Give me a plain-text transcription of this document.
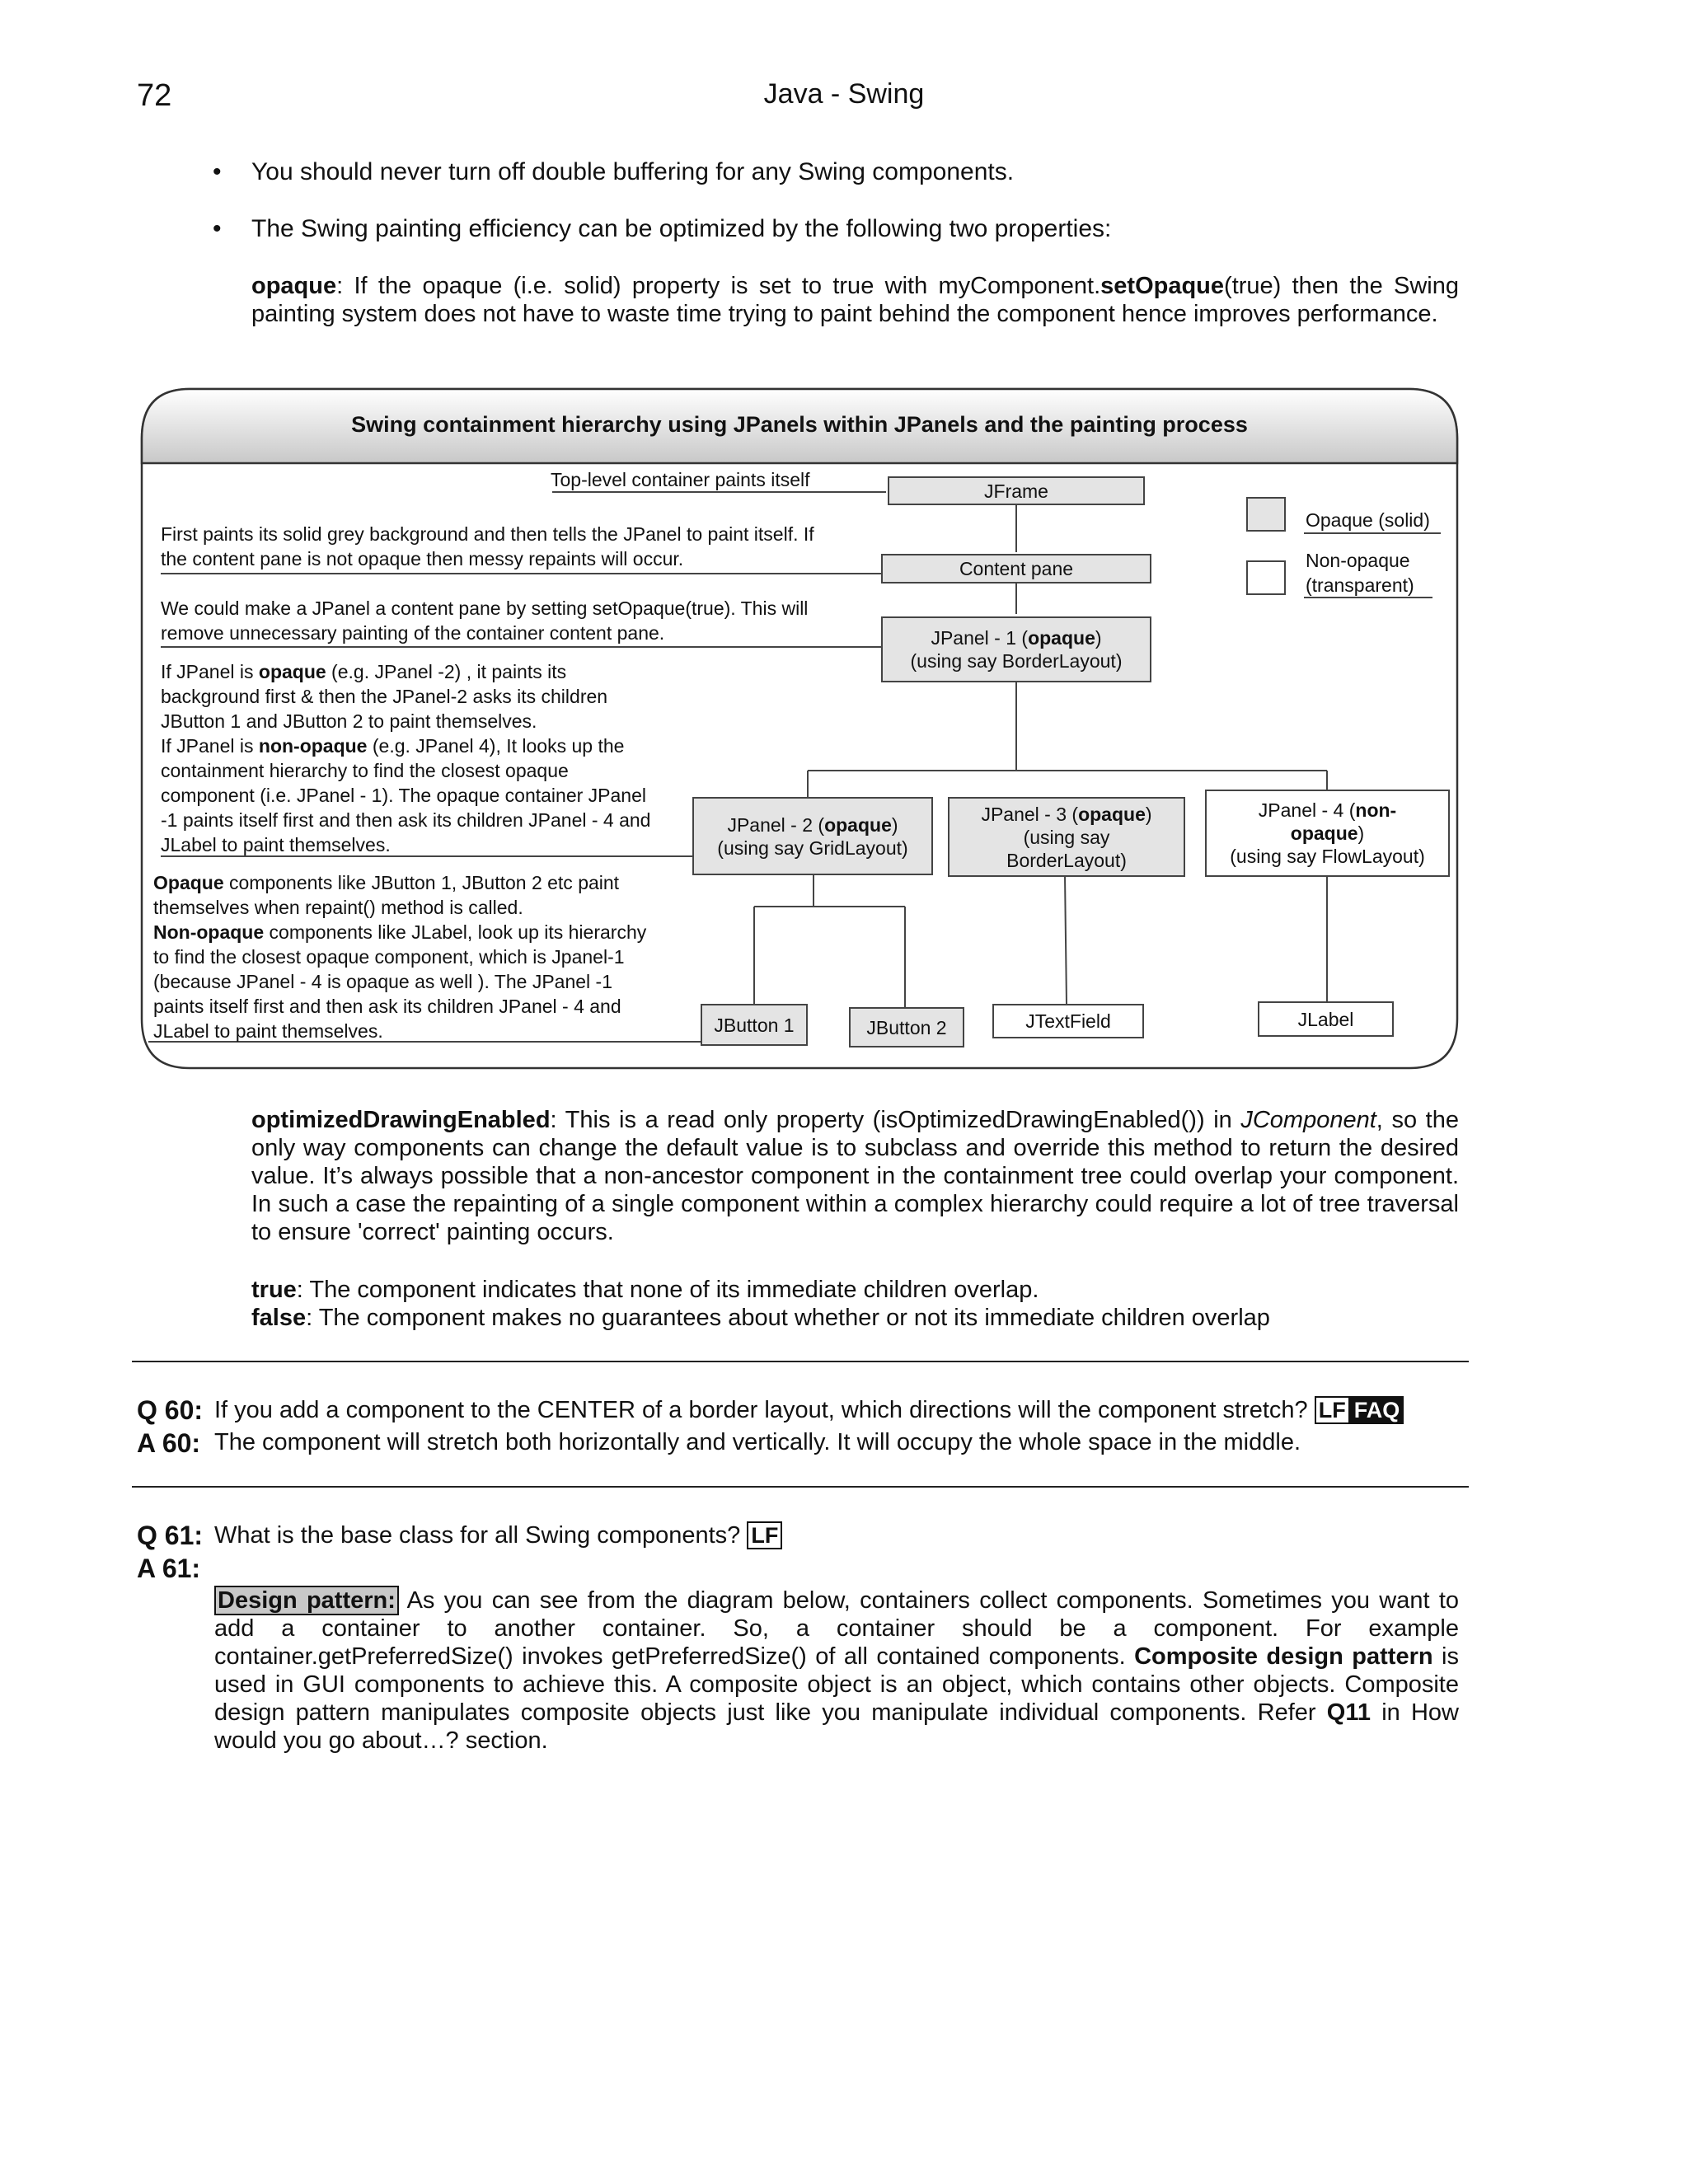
72	Java - Swing
• You should never turn off double buffering for any Swing components.
• The Swing painting efficiency can be optimized by the following two properties:
opaque: If the opaque (i.e. solid) property is set to true with myComponent.setOpaque(true) then the Swing painting system does not have to waste time trying to paint behind the component hence improves performance.
Swing containment hierarchy using JPanels within JPanels and the painting process
Top-level container paints itself
First paints its solid grey background and then tells the JPanel to paint itself. If
the content pane is not opaque then messy repaints will occur.
We could make a JPanel a content pane by setting setOpaque(true). This will
remove unnecessary painting of the container content pane.
If JPanel is opaque (e.g. JPanel -2) , it paints its
background first & then the JPanel-2 asks its children
JButton 1 and JButton 2 to paint themselves.
If JPanel is non-opaque (e.g. JPanel 4), It looks up the
containment hierarchy to find the closest opaque
component (i.e. JPanel - 1). The opaque container JPanel
-1 paints itself first and then ask its children JPanel - 4 and
JLabel to paint themselves.
Opaque components like JButton 1, JButton 2 etc paint
themselves when repaint() method is called.
Non-opaque components like JLabel, look up its hierarchy
to find the closest opaque component, which is Jpanel-1
(because JPanel - 4 is opaque as well ). The JPanel -1
paints itself first and then ask its children JPanel - 4 and
JLabel to paint themselves.
JFrame
Content pane
JPanel - 1 (opaque)
(using say BorderLayout)
JPanel - 2 (opaque)
(using say GridLayout)
JPanel - 3 (opaque)
(using say
BorderLayout)
JPanel - 4 (non-
opaque)
(using say FlowLayout)
JButton 1	JButton 2	JTextField	JLabel
Opaque (solid)
Non-opaque
(transparent)
optimizedDrawingEnabled: This is a read only property (isOptimizedDrawingEnabled()) in JComponent, so the only way components can change the default value is to subclass and override this method to return the desired value. It’s always possible that a non-ancestor component in the containment tree could overlap your component. In such a case the repainting of a single component within a complex hierarchy could require a lot of tree traversal to ensure 'correct' painting occurs.
true: The component indicates that none of its immediate children overlap.
false: The component makes no guarantees about whether or not its immediate children overlap
Q 60: If you add a component to the CENTER of a border layout, which directions will the component stretch? LF FAQ
A 60: The component will stretch both horizontally and vertically. It will occupy the whole space in the middle.
Q 61: What is the base class for all Swing components? LF
A 61:
Design pattern: As you can see from the diagram below, containers collect components. Sometimes you want to add a container to another container. So, a container should be a component. For example container.getPreferredSize() invokes getPreferredSize() of all contained components. Composite design pattern is used in GUI components to achieve this. A composite object is an object, which contains other objects. Composite design pattern manipulates composite objects just like you manipulate individual components. Refer Q11 in How would you go about…? section.
